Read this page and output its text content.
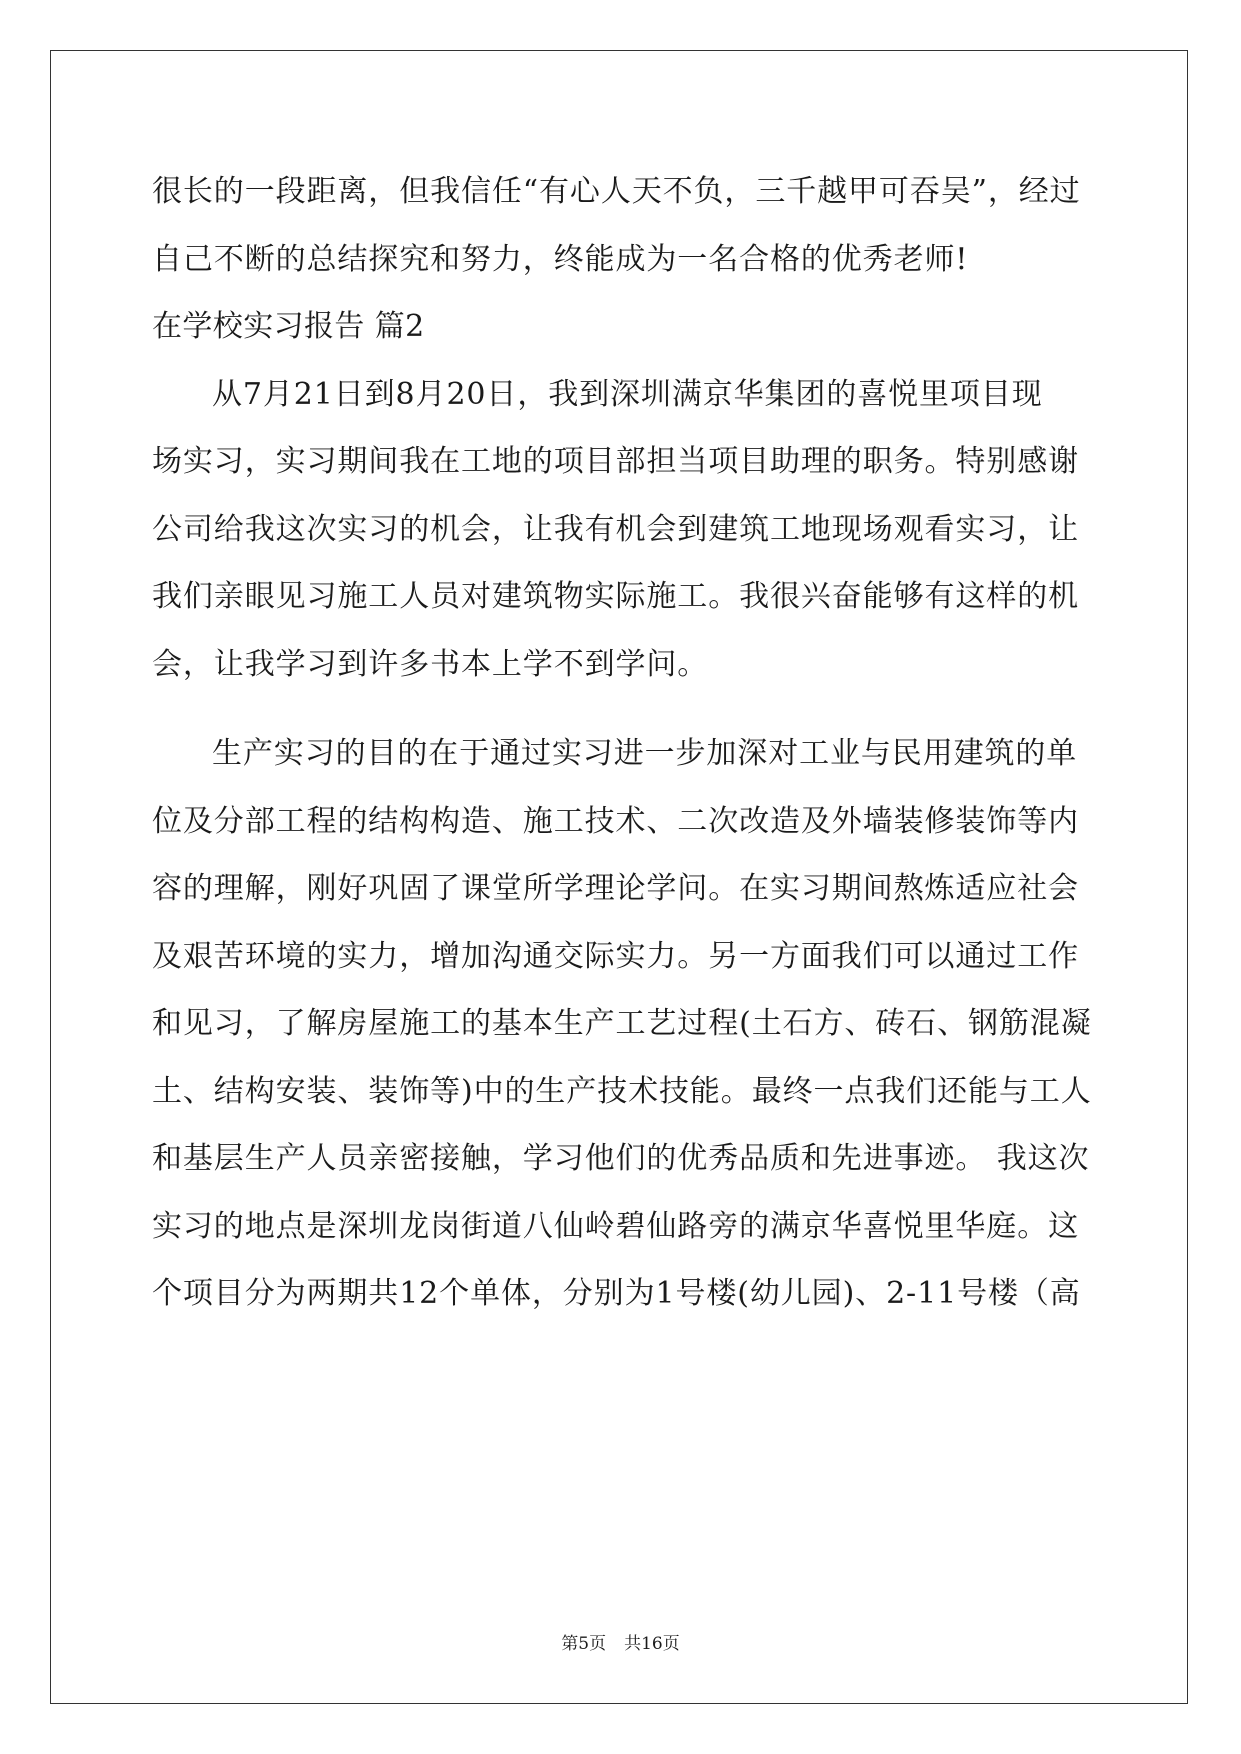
很长的一段距离，但我信任“有心人天不负，三千越甲可吞吴”，经过
自己不断的总结探究和努力，终能成为一名合格的优秀老师!
在学校实习报告 篇2
从7月21日到8月20日，我到深圳满京华集团的喜悦里项目现
场实习，实习期间我在工地的项目部担当项目助理的职务。特别感谢
公司给我这次实习的机会，让我有机会到建筑工地现场观看实习，让
我们亲眼见习施工人员对建筑物实际施工。我很兴奋能够有这样的机
会，让我学习到许多书本上学不到学问。
生产实习的目的在于通过实习进一步加深对工业与民用建筑的单
位及分部工程的结构构造、施工技术、二次改造及外墙装修装饰等内
容的理解，刚好巩固了课堂所学理论学问。在实习期间熬炼适应社会
及艰苦环境的实力，增加沟通交际实力。另一方面我们可以通过工作
和见习，了解房屋施工的基本生产工艺过程(土石方、砖石、钢筋混凝
土、结构安装、装饰等)中的生产技术技能。最终一点我们还能与工人
和基层生产人员亲密接触，学习他们的优秀品质和先进事迹。 我这次
实习的地点是深圳龙岗街道八仙岭碧仙路旁的满京华喜悦里华庭。这
个项目分为两期共12个单体，分别为1号楼(幼儿园)、2-11号楼（高
第5页 共16页
